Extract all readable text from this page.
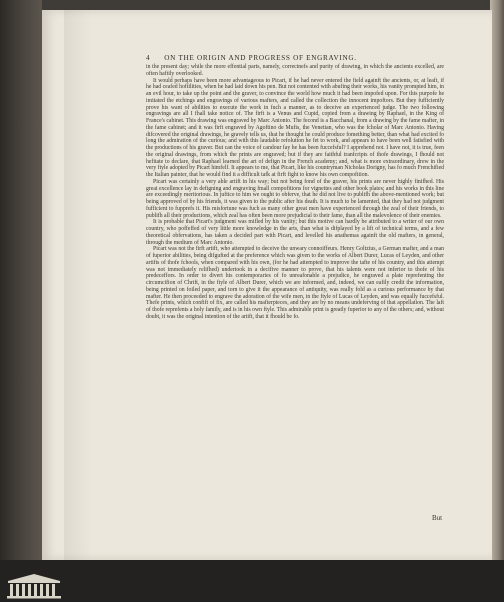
4 ON THE ORIGIN AND PROGRESS OF ENGRAVING.

in the present day; while the more effential parts, namely, correctnefs and purity of drawing, in which the ancients excelled, are often haftily overlooked.

It would perhaps have been more advantageous to Picart, if he had never entered the field againft the ancients, or, at leaft, if he had ceafed hoftilities, when he had laid down his pen. But not contented with abufing their works, his vanity prompted him, in an evil hour, to take up the point and the graver, to convince the world how much it had been impofed upon. For this purpofe he imitated the etchings and engravings of various mafters, and called the collection the innocent impoftors. But they fufficiently prove his want of abilities to execute the work in fuch a manner, as to deceive an experienced judge. The two following engravings are all I fhall take notice of. The firft is a Venus and Cupid, copied from a drawing by Raphael, in the King of France's cabinet. This drawing was engraved by Marc Antonio. The fecond is a Bacchanal, from a drawing by the fame mafter, in the fame cabinet; and it was firft engraved by Agoftino de Mufis, the Venetian, who was the fcholar of Marc Antonio. Having difcovered the original drawings, he gravely tells us, that he thought he could produce fomething better, than what had excited fo long the admiration of the curious; and with this laudable refolution he fet to work, and appears to have been well fatisfied with the productions of his graver. But can the voice of candour fay he has been fuccefsful? I apprehend not. I have not, it is true, feen the original drawings, from which the prints are engraved; but if they are faithful tranfcripts of thofe drawings, I fhould not hefitate to declare, that Raphael learned the art of defign in the French academy; and, what is more extraordinary, drew in the very ftyle adopted by Picart himfelf. It appears to me, that Picart, like his countryman Nicholas Dorigny, has fo much Frenchified the Italian painter, that he would find it a difficult tafk at firft fight to know his own compofition.

Picart was certainly a very able artift in his way; but not being fond of the graver, his prints are never highly finifhed. His great excellence lay in defigning and engraving fmall compofitions for vignettes and other book plates; and his works in this line are exceedingly meritorious. In juftice to him we ought to obferve, that he did not live to publifh the above-mentioned work; but being approved of by his friends, it was given to the public after his death. It is much to be lamented, that they had not judgment fufficient to fupprefs it. His misfortune was fuch as many other great men have experienced through the zeal of their friends, to publifh all their productions, which zeal has often been more prejudicial to their fame, than all the malevolence of their enemies.

It is probable that Picart's judgment was mifled by his vanity; but this motive can hardly be attributed to a writer of our own country, who poffeffed of very little more knowledge in the arts, than what is difplayed by a lift of technical terms, and a few theoretical obfervations, has taken a decided part with Picart, and levelled his anathemas againft the old mafters, in general, through the medium of Marc Antonio.

Picart was not the firft artift, who attempted to deceive the unwary connoiffeurs. Henry Goltzius, a German mafter, and a man of fuperior abilities, being difgufted at the preference which was given to the works of Albert Durer, Lucas of Leyden, and other artifts of thofe fchools, when compared with his own, (for he had attempted to improve the tafte of his country, and this attempt was not immediately relifhed) undertook in a decifive manner to prove, that his talents were not inferior to thofe of his predeceffors. In order to divert his contemporaries of fo unreafonable a prejudice, he engraved a plate reprefenting the circumcifion of Chrift, in the ftyle of Albert Durer, which we are informed, and, indeed, we can eafily credit the information, being printed on foiled paper, and torn to give it the appearance of antiquity, was really fold as a curious performance by that mafter. He then proceeded to engrave the adoration of the wife men, in the ftyle of Lucas of Leyden, and was equally fuccefsful. Thefe prints, which confift of fix, are called his mafterpieces, and they are by no means undeferving of that appellation. The laft of thofe reprefents a holy family, and is in his own ftyle. This admirable print is greatly fuperior to any of the others; and, without doubt, it was the original intention of the artift, that it fhould be fo.

But
